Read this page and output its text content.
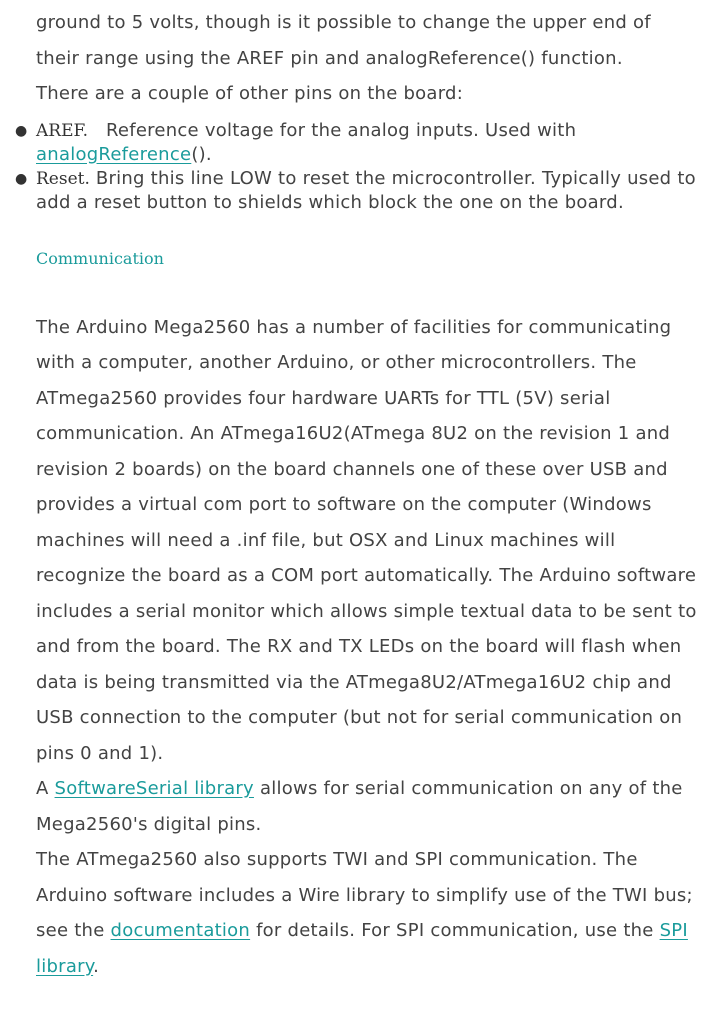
ground to 5 volts, though is it possible to change the upper end of
their range using the AREF pin and analogReference() function.
There are a couple of other pins on the board:
● AREF. Reference voltage for the analog inputs. Used with
analogReference().
● Reset. Bring this line LOW to reset the microcontroller. Typically used to add a reset button to shields which block the one on the board.
Communication

The Arduino Mega2560 has a number of facilities for communicating with a computer, another Arduino, or other microcontrollers. The ATmega2560 provides four hardware UARTs for TTL (5V) serial communication. An ATmega16U2(ATmega 8U2 on the revision 1 and revision 2 boards) on the board channels one of these over USB and provides a virtual com port to software on the computer (Windows machines will need a .inf file, but OSX and Linux machines will recognize the board as a COM port automatically. The Arduino software includes a serial monitor which allows simple textual data to be sent to and from the board. The RX and TX LEDs on the board will flash when data is being transmitted via the ATmega8U2/ATmega16U2 chip and USB connection to the computer (but not for serial communication on pins 0 and 1).

A SoftwareSerial library allows for serial communication on any of the Mega2560's digital pins.

The ATmega2560 also supports TWI and SPI communication. The Arduino software includes a Wire library to simplify use of the TWI bus; see the documentation for details. For SPI communication, use the SPI library.
